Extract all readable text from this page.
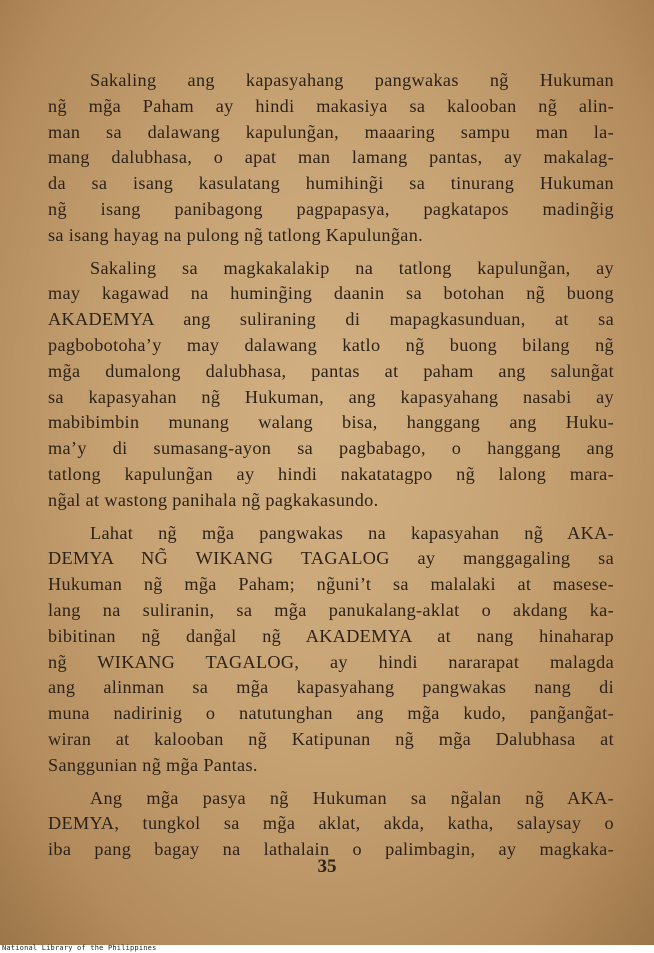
Sakaling ang kapasyahang pangwakas ng̃ Hukuman
ng̃ mg̃a Paham ay hindi makasiya sa kalooban ng̃ alin-
man sa dalawang kapulung̃an, maaaring sampu man la-
mang dalubhasa, o apat man lamang pantas, ay makalag-
da sa isang kasulatang humihing̃i sa tinurang Hukuman
ng̃ isang panibagong pagpapasya, pagkatapos mading̃ig
sa isang hayag na pulong ng̃ tatlong Kapulung̃an.
Sakaling sa magkakalakip na tatlong kapulung̃an, ay
may kagawad na huming̃ing daanin sa botohan ng̃ buong
AKADEMYA ang suliraning di mapagkasunduan, at sa
pagbobotoha’y may dalawang katlo ng̃ buong bilang ng̃
mg̃a dumalong dalubhasa, pantas at paham ang salung̃at
sa kapasyahan ng̃ Hukuman, ang kapasyahang nasabi ay
mabibimbin munang walang bisa, hanggang ang Huku-
ma’y di sumasang-ayon sa pagbabago, o hanggang ang
tatlong kapulung̃an ay hindi nakatatagpo ng̃ lalong mara-
ng̃al at wastong panihala ng̃ pagkakasundo.
Lahat ng̃ mg̃a pangwakas na kapasyahan ng̃ AKA-
DEMYA NG̃ WIKANG TAGALOG ay manggagaling sa
Hukuman ng̃ mg̃a Paham; ng̃uni’t sa malalaki at masese-
lang na suliranin, sa mg̃a panukalang-aklat o akdang ka-
bibitinan ng̃ dang̃al ng̃ AKADEMYA at nang hinaharap
ng̃ WIKANG TAGALOG, ay hindi nararapat malagda
ang alinman sa mg̃a kapasyahang pangwakas nang di
muna nadirinig o natutunghan ang mg̃a kudo, pang̃ang̃at-
wiran at kalooban ng̃ Katipunan ng̃ mg̃a Dalubhasa at
Sanggunian ng̃ mg̃a Pantas.
Ang mg̃a pasya ng̃ Hukuman sa ng̃alan ng̃ AKA-
DEMYA, tungkol sa mg̃a aklat, akda, katha, salaysay o
iba pang bagay na lathalain o palimbagin, ay magkaka-
35
National Library of the Philippines
